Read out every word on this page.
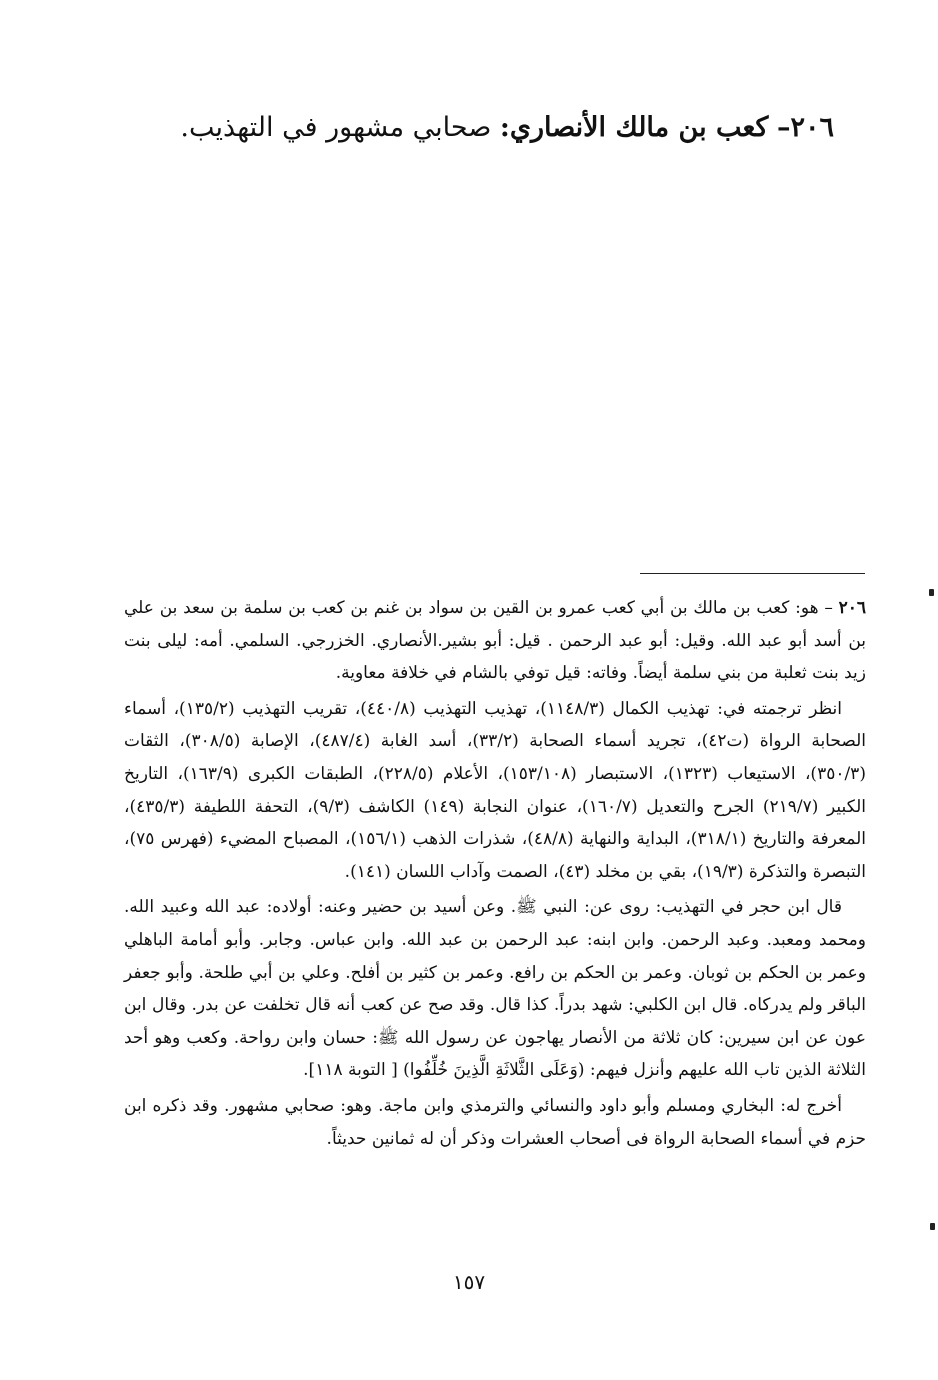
٢٠٦– كعب بن مالك الأنصاري: صحابي مشهور في التهذيب.

٢٠٦ – هو: كعب بن مالك بن أبي كعب عمرو بن القين بن سواد بن غنم بن كعب بن سلمة بن سعد بن علي بن أسد أبو عبد الله. وقيل: أبو عبد الرحمن . قيل: أبو بشير.الأنصاري. الخزرجي. السلمي. أمه: ليلى بنت زيد بنت ثعلبة من بني سلمة أيضاً. وفاته: قيل توفي بالشام في خلافة معاوية.

انظر ترجمته في: تهذيب الكمال (١١٤٨/٣)، تهذيب التهذيب (٤٤٠/٨)، تقريب التهذيب (١٣٥/٢)، أسماء الصحابة الرواة (ت٤٢)، تجريد أسماء الصحابة (٣٣/٢)، أسد الغابة (٤٨٧/٤)، الإصابة (٣٠٨/٥)، الثقات (٣٥٠/٣)، الاستيعاب (١٣٢٣)، الاستبصار (١٥٣/١٠٨)، الأعلام (٢٢٨/٥)، الطبقات الكبرى (١٦٣/٩)، التاريخ الكبير (٢١٩/٧) الجرح والتعديل (١٦٠/٧)، عنوان النجابة (١٤٩) الكاشف (٩/٣)، التحفة اللطيفة (٤٣٥/٣)، المعرفة والتاريخ (٣١٨/١)، البداية والنهاية (٤٨/٨)، شذرات الذهب (١٥٦/١)، المصباح المضيء (فهرس ٧٥)، التبصرة والتذكرة (١٩/٣)، بقي بن مخلد (٤٣)، الصمت وآداب اللسان (١٤١).

قال ابن حجر في التهذيب: روى عن: النبي ﷺ. وعن أسيد بن حضير وعنه: أولاده: عبد الله وعبيد الله. ومحمد ومعبد. وعبد الرحمن. وابن ابنه: عبد الرحمن بن عبد الله. وابن عباس. وجابر. وأبو أمامة الباهلي وعمر بن الحكم بن ثوبان. وعمر بن الحكم بن رافع. وعمر بن كثير بن أفلح. وعلي بن أبي طلحة. وأبو جعفر الباقر ولم يدركاه. قال ابن الكلبي: شهد بدراً. كذا قال. وقد صح عن كعب أنه قال تخلفت عن بدر. وقال ابن عون عن ابن سيرين: كان ثلاثة من الأنصار يهاجون عن رسول الله ﷺ: حسان وابن رواحة. وكعب وهو أحد الثلاثة الذين تاب الله عليهم وأنزل فيهم: (وَعَلَى الثَّلاثَةِ الَّذِينَ خُلِّفُوا) [ التوبة ١١٨].

أخرج له: البخاري ومسلم وأبو داود والنسائي والترمذي وابن ماجة. وهو: صحابي مشهور. وقد ذكره ابن حزم في أسماء الصحابة الرواة فى أصحاب العشرات وذكر أن له ثمانين حديثاً.

١٥٧
